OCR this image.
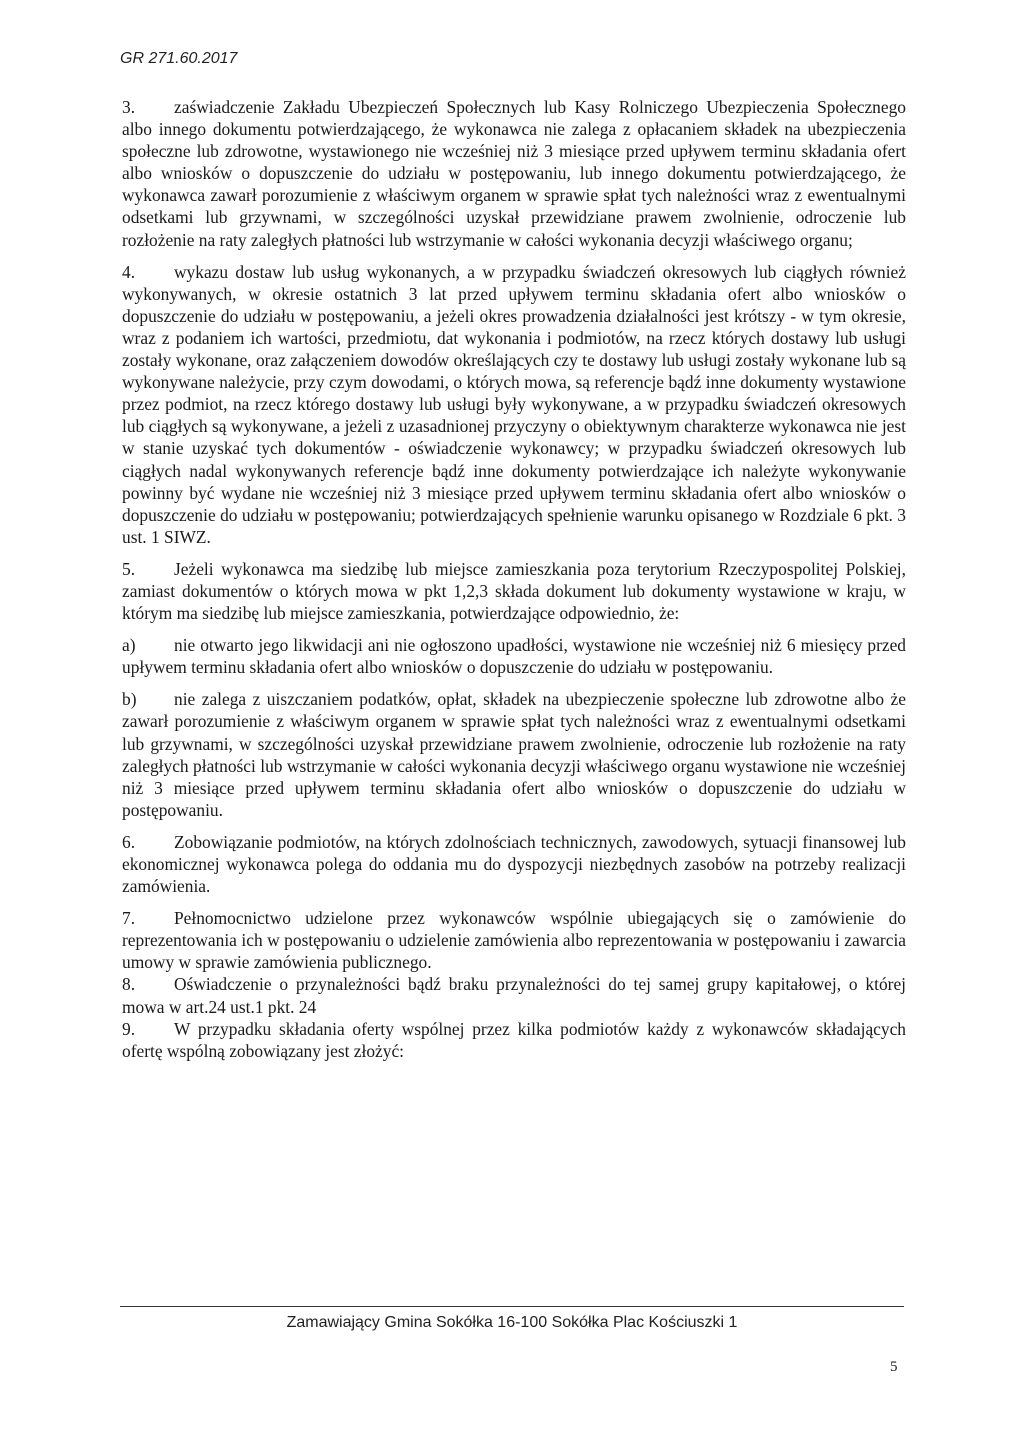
GR 271.60.2017

3. zaświadczenie Zakładu Ubezpieczeń Społecznych lub Kasy Rolniczego Ubezpieczenia Społecznego albo innego dokumentu potwierdzającego, że wykonawca nie zalega z opłacaniem składek na ubezpieczenia społeczne lub zdrowotne, wystawionego nie wcześniej niż 3 miesiące przed upływem terminu składania ofert albo wniosków o dopuszczenie do udziału w postępowaniu, lub innego dokumentu potwierdzającego, że wykonawca zawarł porozumienie z właściwym organem w sprawie spłat tych należności wraz z ewentualnymi odsetkami lub grzywnami, w szczególności uzyskał przewidziane prawem zwolnienie, odroczenie lub rozłożenie na raty zaległych płatności lub wstrzymanie w całości wykonania decyzji właściwego organu;

4. wykazu dostaw lub usług wykonanych, a w przypadku świadczeń okresowych lub ciągłych również wykonywanych, w okresie ostatnich 3 lat przed upływem terminu składania ofert albo wniosków o dopuszczenie do udziału w postępowaniu, a jeżeli okres prowadzenia działalności jest krótszy - w tym okresie, wraz z podaniem ich wartości, przedmiotu, dat wykonania i podmiotów, na rzecz których dostawy lub usługi zostały wykonane, oraz załączeniem dowodów określających czy te dostawy lub usługi zostały wykonane lub są wykonywane należycie, przy czym dowodami, o których mowa, są referencje bądź inne dokumenty wystawione przez podmiot, na rzecz którego dostawy lub usługi były wykonywane, a w przypadku świadczeń okresowych lub ciągłych są wykonywane, a jeżeli z uzasadnionej przyczyny o obiektywnym charakterze wykonawca nie jest w stanie uzyskać tych dokumentów - oświadczenie wykonawcy; w przypadku świadczeń okresowych lub ciągłych nadal wykonywanych referencje bądź inne dokumenty potwierdzające ich należyte wykonywanie powinny być wydane nie wcześniej niż 3 miesiące przed upływem terminu składania ofert albo wniosków o dopuszczenie do udziału w postępowaniu; potwierdzających spełnienie warunku opisanego w Rozdziale 6 pkt. 3 ust. 1 SIWZ.

5. Jeżeli wykonawca ma siedzibę lub miejsce zamieszkania poza terytorium Rzeczypospolitej Polskiej, zamiast dokumentów o których mowa w pkt 1,2,3 składa dokument lub dokumenty wystawione w kraju, w którym ma siedzibę lub miejsce zamieszkania, potwierdzające odpowiednio, że:

a) nie otwarto jego likwidacji ani nie ogłoszono upadłości, wystawione nie wcześniej niż 6 miesięcy przed upływem terminu składania ofert albo wniosków o dopuszczenie do udziału w postępowaniu.

b) nie zalega z uiszczaniem podatków, opłat, składek na ubezpieczenie społeczne lub zdrowotne albo że zawarł porozumienie z właściwym organem w sprawie spłat tych należności wraz z ewentualnymi odsetkami lub grzywnami, w szczególności uzyskał przewidziane prawem zwolnienie, odroczenie lub rozłożenie na raty zaległych płatności lub wstrzymanie w całości wykonania decyzji właściwego organu wystawione nie wcześniej niż 3 miesiące przed upływem terminu składania ofert albo wniosków o dopuszczenie do udziału w postępowaniu.

6. Zobowiązanie podmiotów, na których zdolnościach technicznych, zawodowych, sytuacji finansowej lub ekonomicznej wykonawca polega do oddania mu do dyspozycji niezbędnych zasobów na potrzeby realizacji zamówienia.

7. Pełnomocnictwo udzielone przez wykonawców wspólnie ubiegających się o zamówienie do reprezentowania ich w postępowaniu o udzielenie zamówienia albo reprezentowania w postępowaniu i zawarcia umowy w sprawie zamówienia publicznego.

8. Oświadczenie o przynależności bądź braku przynależności do tej samej grupy kapitałowej, o której mowa w art.24 ust.1 pkt. 24

9. W przypadku składania oferty wspólnej przez kilka podmiotów każdy z wykonawców składających ofertę wspólną zobowiązany jest złożyć:

Zamawiający Gmina Sokółka 16-100 Sokółka Plac Kościuszki 1
5
